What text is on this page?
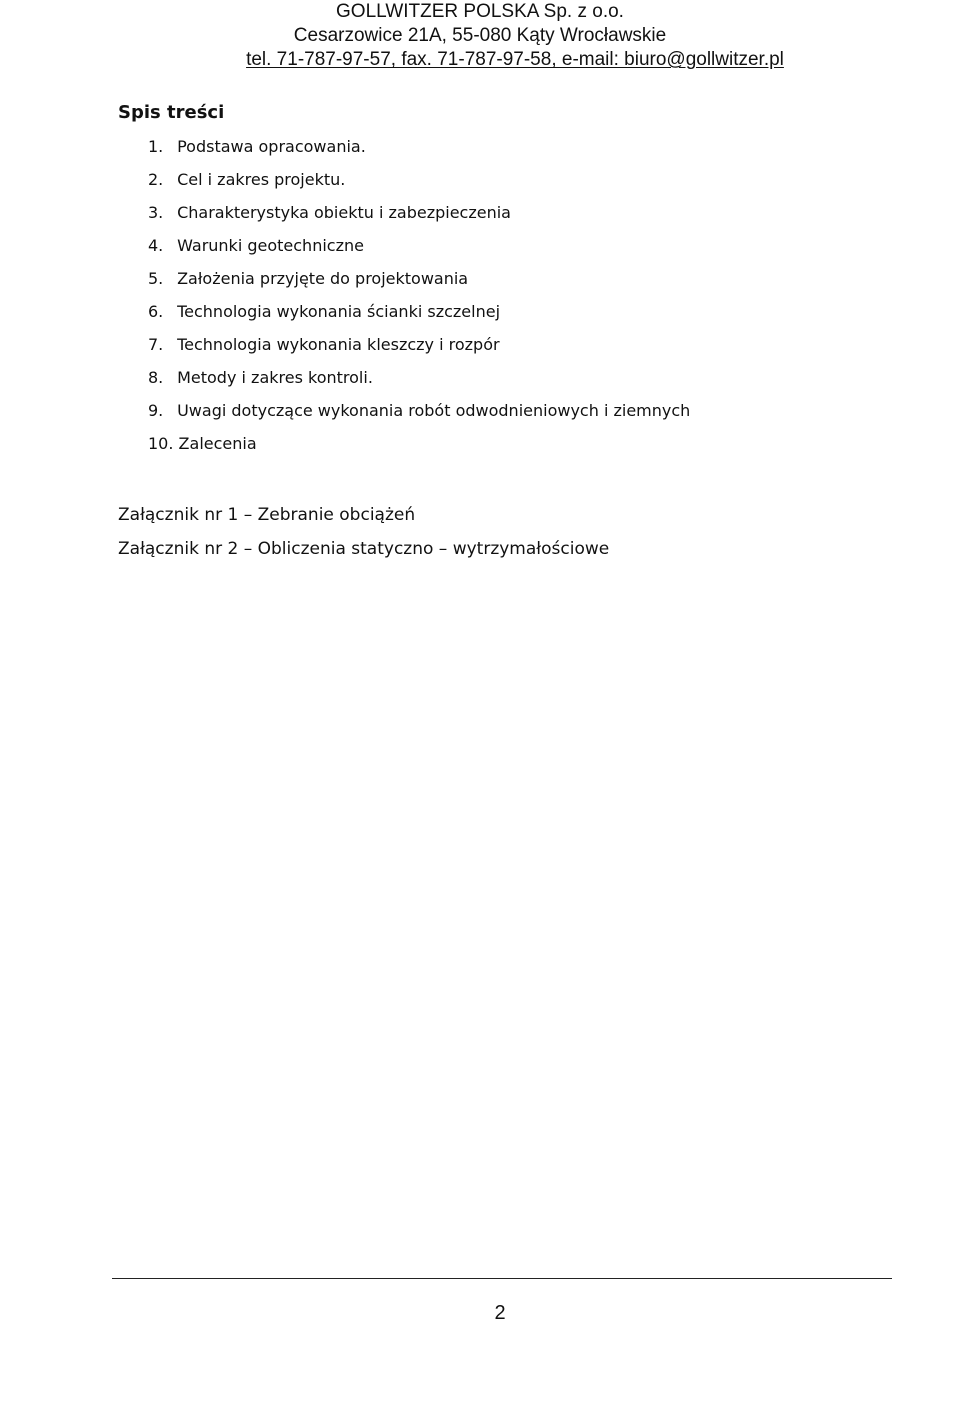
GOLLWITZER POLSKA Sp. z o.o.
Cesarzowice 21A, 55-080 Kąty Wrocławskie
tel. 71-787-97-57, fax. 71-787-97-58, e-mail: biuro@gollwitzer.pl
Spis treści
1. Podstawa opracowania.
2. Cel i zakres projektu.
3. Charakterystyka obiektu i zabezpieczenia
4. Warunki geotechniczne
5. Założenia przyjęte do projektowania
6. Technologia wykonania ścianki szczelnej
7. Technologia wykonania kleszczy i rozpór
8. Metody i zakres kontroli.
9. Uwagi dotyczące wykonania robót odwodnieniowych i ziemnych
10. Zalecenia
Załącznik nr 1 – Zebranie obciążeń
Załącznik nr 2 – Obliczenia statyczno – wytrzymałościowe
2
